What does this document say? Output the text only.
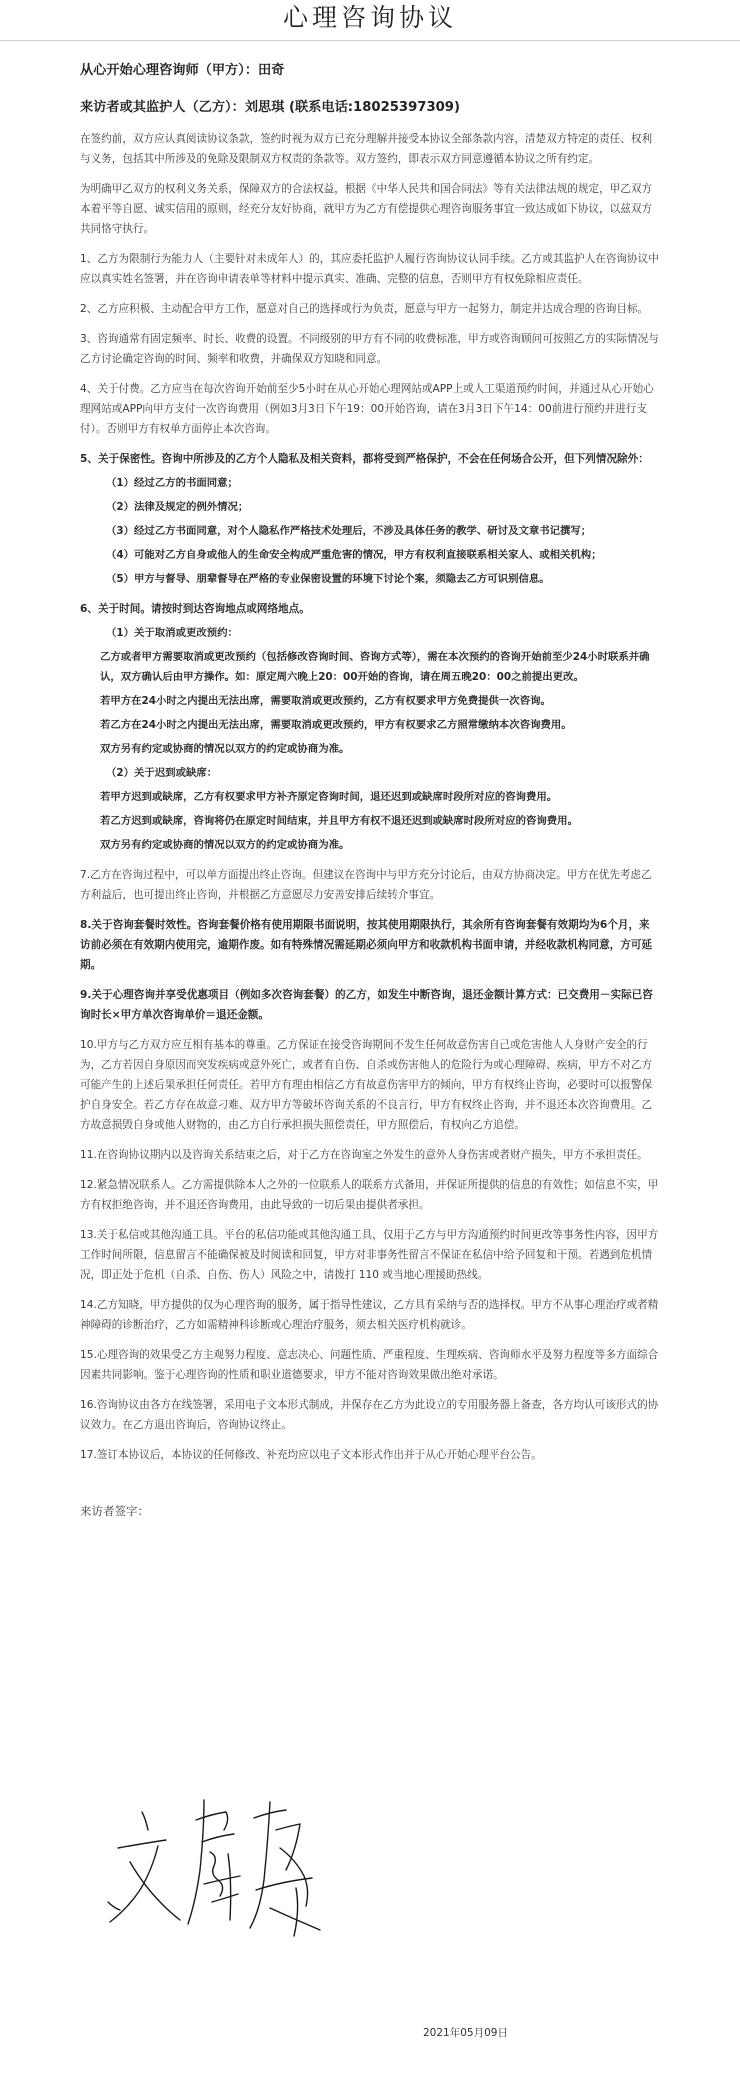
心理咨询协议

从心开始心理咨询师（甲方）：田奇

来访者或其监护人（乙方）：刘思琪 (联系电话:18025397309)

在签约前，双方应认真阅读协议条款，签约时视为双方已充分理解并接受本协议全部条款内容，清楚双方特定的责任、权利与义务，包括其中所涉及的免除及限制双方权责的条款等。双方签约，即表示双方同意遵循本协议之所有约定。

为明确甲乙双方的权利义务关系，保障双方的合法权益，根据《中华人民共和国合同法》等有关法律法规的规定，甲乙双方本着平等自愿、诚实信用的原则，经充分友好协商，就甲方为乙方有偿提供心理咨询服务事宜一致达成如下协议，以兹双方共同恪守执行。

1、乙方为限制行为能力人（主要针对未成年人）的，其应委托监护人履行咨询协议认同手续。乙方或其监护人在咨询协议中应以真实姓名签署，并在咨询申请表单等材料中提示真实、准确、完整的信息，否则甲方有权免除相应责任。

2、乙方应积极、主动配合甲方工作，愿意对自己的选择或行为负责，愿意与甲方一起努力，制定并达成合理的咨询目标。

3、咨询通常有固定频率、时长、收费的设置。不同级别的甲方有不同的收费标准，甲方或咨询顾问可按照乙方的实际情况与乙方讨论确定咨询的时间、频率和收费，并确保双方知晓和同意。

4、关于付费。乙方应当在每次咨询开始前至少5小时在从心开始心理网站或APP上或人工渠道预约时间，并通过从心开始心理网站或APP向甲方支付一次咨询费用（例如3月3日下午19：00开始咨询，请在3月3日下午14：00前进行预约并进行支付）。否则甲方有权单方面停止本次咨询。

5、关于保密性。咨询中所涉及的乙方个人隐私及相关资料，都将受到严格保护，不会在任何场合公开，但下列情况除外：

（1）经过乙方的书面同意；

（2）法律及规定的例外情况；

（3）经过乙方书面同意，对个人隐私作严格技术处理后，不涉及具体任务的教学、研讨及文章书记撰写；

（4）可能对乙方自身或他人的生命安全构成严重危害的情况，甲方有权利直接联系相关家人、或相关机构；

（5）甲方与督导、朋辈督导在严格的专业保密设置的环境下讨论个案，须隐去乙方可识别信息。

6、关于时间。请按时到达咨询地点或网络地点。

（1）关于取消或更改预约：

乙方或者甲方需要取消或更改预约（包括修改咨询时间、咨询方式等），需在本次预约的咨询开始前至少24小时联系并确认，双方确认后由甲方操作。如：原定周六晚上20：00开始的咨询，请在周五晚20：00之前提出更改。

若甲方在24小时之内提出无法出席，需要取消或更改预约，乙方有权要求甲方免费提供一次咨询。

若乙方在24小时之内提出无法出席，需要取消或更改预约，甲方有权要求乙方照常缴纳本次咨询费用。

双方另有约定或协商的情况以双方的约定或协商为准。

（2）关于迟到或缺席：

若甲方迟到或缺席，乙方有权要求甲方补齐原定咨询时间，退还迟到或缺席时段所对应的咨询费用。

若乙方迟到或缺席，咨询将仍在原定时间结束，并且甲方有权不退还迟到或缺席时段所对应的咨询费用。

双方另有约定或协商的情况以双方的约定或协商为准。

7.乙方在咨询过程中，可以单方面提出终止咨询。但建议在咨询中与甲方充分讨论后，由双方协商决定。甲方在优先考虑乙方利益后，也可提出终止咨询，并根据乙方意愿尽力安善安排后续转介事宜。

8.关于咨询套餐时效性。咨询套餐价格有使用期限书面说明，按其使用期限执行，其余所有咨询套餐有效期均为6个月，来访前必须在有效期内使用完，逾期作废。如有特殊情况需延期必须向甲方和收款机构书面申请，并经收款机构同意，方可延期。

9.关于心理咨询并享受优惠项目（例如多次咨询套餐）的乙方，如发生中断咨询，退还金额计算方式：已交费用－实际已咨询时长×甲方单次咨询单价＝退还金额。

10.甲方与乙方双方应互相有基本的尊重。乙方保证在接受咨询期间不发生任何故意伤害自己或危害他人人身财产安全的行为，乙方若因自身原因而突发疾病或意外死亡，或者有自伤、自杀或伤害他人的危险行为或心理障碍、疾病，甲方不对乙方可能产生的上述后果承担任何责任。若甲方有理由相信乙方有故意伤害甲方的倾向，甲方有权终止咨询，必要时可以报警保护自身安全。若乙方存在故意刁难、双方甲方等破坏咨询关系的不良言行，甲方有权终止咨询，并不退还本次咨询费用。乙方故意损毁自身或他人财物的，由乙方自行承担损失照偿责任，甲方照偿后，有权向乙方追偿。

11.在咨询协议期内以及咨询关系结束之后，对于乙方在咨询室之外发生的意外人身伤害或者财产损失，甲方不承担责任。

12.紧急情况联系人。乙方需提供除本人之外的一位联系人的联系方式备用，并保证所提供的信息的有效性；如信息不实，甲方有权拒绝咨询，并不退还咨询费用，由此导致的一切后果由提供者承担。

13.关于私信或其他沟通工具。平台的私信功能或其他沟通工具，仅用于乙方与甲方沟通预约时间更改等事务性内容，因甲方工作时间所限，信息留言不能确保被及时阅读和回复，甲方对非事务性留言不保证在私信中给予回复和干预。若遇到危机情况，即正处于危机（自杀、自伤、伤人）风险之中，请拨打 110 或当地心理援助热线。

14.乙方知晓，甲方提供的仅为心理咨询的服务，属于指导性建议，乙方具有采纳与否的选择权。甲方不从事心理治疗或者精神障碍的诊断治疗，乙方如需精神科诊断或心理治疗服务，须去相关医疗机构就诊。

15.心理咨询的效果受乙方主观努力程度、意志决心、问题性质、严重程度、生理疾病、咨询师水平及努力程度等多方面综合因素共同影响。鉴于心理咨询的性质和职业道德要求，甲方不能对咨询效果做出绝对承诺。

16.咨询协议由各方在线签署，采用电子文本形式制成，并保存在乙方为此设立的专用服务器上备查，各方均认可该形式的协议效力。在乙方退出咨询后，咨询协议终止。

17.签订本协议后，本协议的任何修改、补充均应以电子文本形式作出并于从心开始心理平台公告。

来访者签字：

2021年05月09日
